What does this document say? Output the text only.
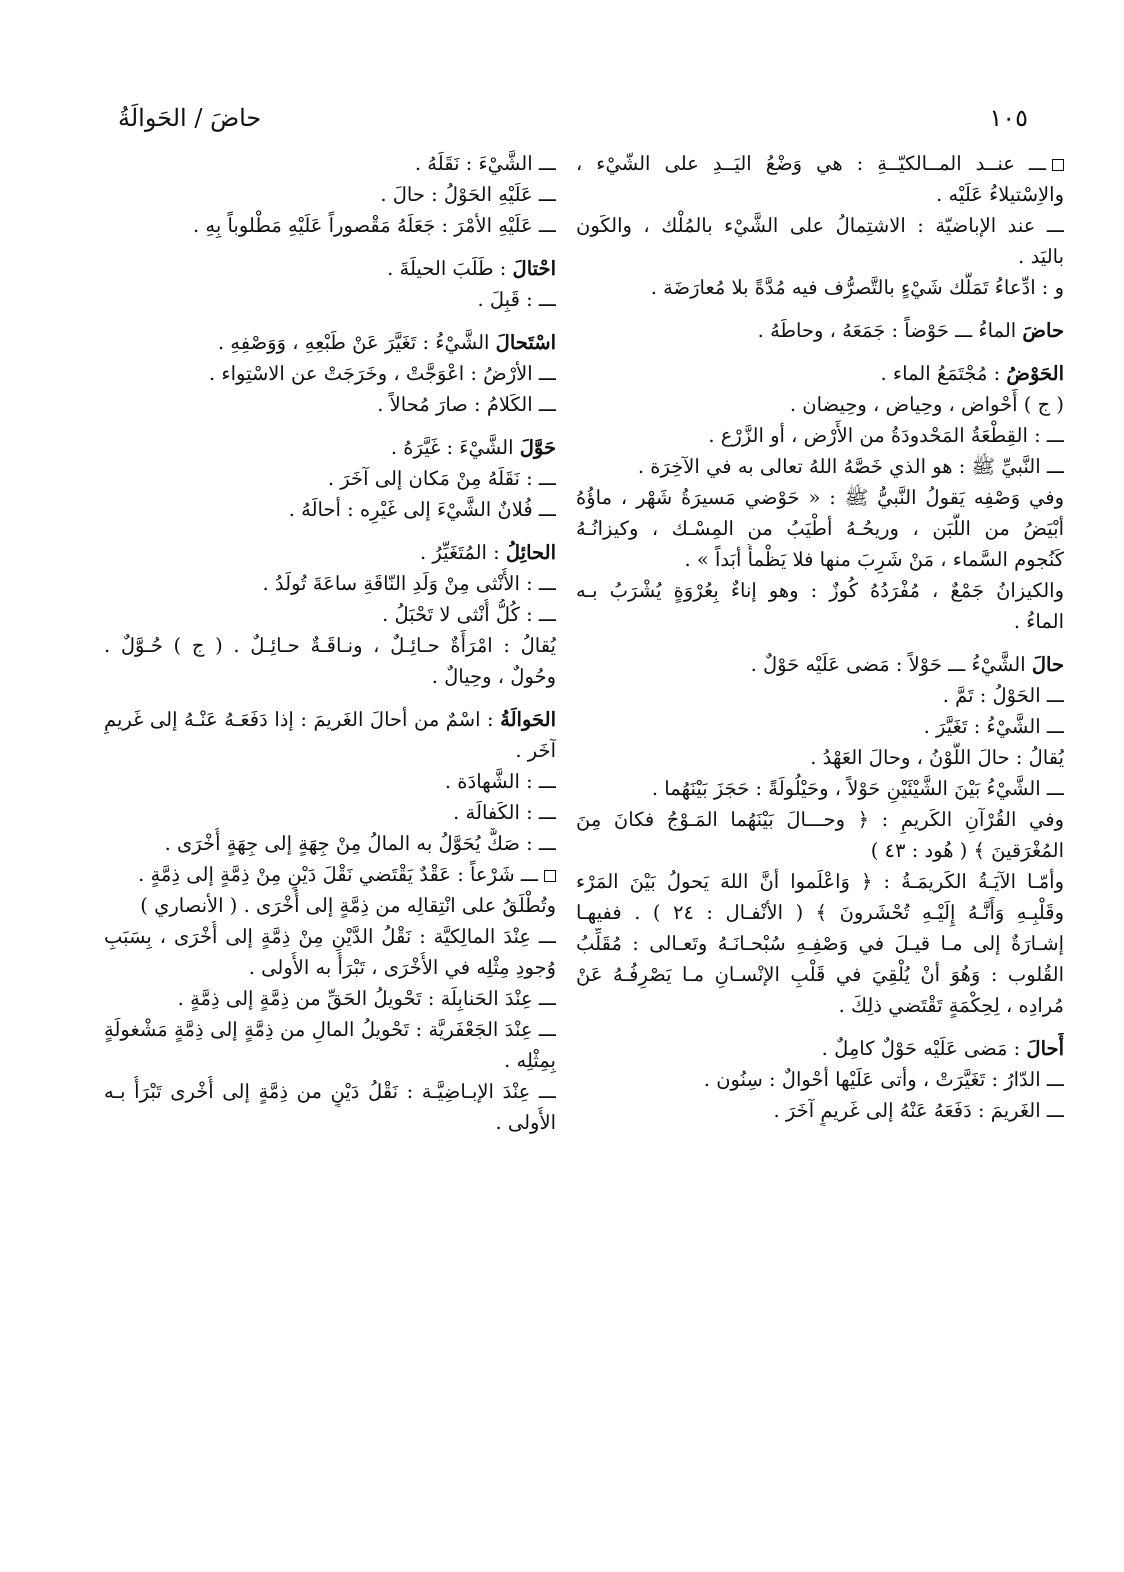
١٠٥
حاضَ / الحَوالَةُ
ـــ عنــد المــالكيّــةِ : هي وَضْعُ اليَــدِ على الشّيْء ،
والاِسْتيلاءُ عَلَيْه .
ـــ عند الإباضيّة : الاشتِمالُ على الشَّيْء بالمُلْك ، والكَون
باليَد .
و : ادِّعاءُ تَمَلُّك شَيْءٍ بالتَّصرُّف فيه مُدَّةً بلا مُعارَضَة .
حاضَ الماءُ ـــ حَوْضاً : جَمَعَهُ ، وحاطَهُ .
الحَوْضُ : مُجْتَمَعُ الماء .
( ج ) أَحْواض ، وحِياض ، وحِيضان .
ـــ : القِطْعَةُ المَحْدودَةُ من الأَرْض ، أو الزَّرْع .
ـــ النَّبيِّ ﷺ : هو الذي خَصَّهُ اللهُ تعالى به في الآخِرَة .
وفي وَصْفِه يَقولُ النَّبيُّ ﷺ : « حَوْضي مَسيرَةُ شَهْر ، ماؤُهُ
أبْيَضُ من اللَّبَن ، وريحُـهُ أطْيَبُ من المِسْـك ، وكيزانُـهُ
كَنُجوم السَّماء ، مَنْ شَرِبَ منها فلا يَظْمأُ أبَداً » .
والكيزانُ جَمْعٌ ، مُفْرَدُهُ كُوزٌ : وهو إناءٌ بِعُرْوَةٍ يُشْرَبُ بـه
الماءُ .
حالَ الشَّيْءُ ـــ حَوْلاً : مَضى عَلَيْه حَوْلٌ .
ـــ الحَوْلُ : تَمَّ .
ـــ الشَّيْءُ : تَغَيَّرَ .
يُقالُ : حالَ اللَّوْنُ ، وحالَ العَهْدُ .
ـــ الشَّيْءُ بَيْنَ الشَّيْئَيْنِ حَوْلاً ، وحَيْلُولَةً : حَجَزَ بَيْنَهُما .
وفي القُرْآنِ الكَريمِ : ﴿ وحـــالَ بَيْنَهُما المَـوْجُ فكانَ مِنَ
المُغْرَقينَ ﴾ ( هُود : ٤٣ )
وأمّـا الآيَـةُ الكَريمَـةُ : ﴿ وَاعْلَموا أنَّ اللهَ يَحولُ بَيْنَ المَرْء
وقَلْبِـهِ وَأَنَّـهُ إِلَيْـهِ تُحْشَرونَ ﴾ ( الأنْفـال : ٢٤ ) . ففيهـا
إشـارَةٌ إلى مـا قيـلَ في وَصْفِـهِ سُبْحـانَـهُ وتَعـالى : مُقَلِّبُ
القُلوب : وَهُوَ أنْ يُلْقِيَ في قَلْبِ الإنْسـانِ مـا يَصْرِفُـهُ عَنْ
مُرادِه ، لِحِكْمَةٍ تَقْتَضي ذلِكَ .
أَحالَ : مَضى عَلَيْه حَوْلٌ كامِلٌ .
ـــ الدّارُ : تَغَيَّرَتْ ، وأتى عَلَيْها أحْوالٌ : سِنُون .
ـــ الغَريمَ : دَفَعَهُ عَنْهُ إلى غَريمٍ آخَرَ .
ـــ الشَّيْءَ : نَقَلَهُ .
ـــ عَلَيْهِ الحَوْلُ : حالَ .
ـــ عَلَيْهِ الأمْرَ : جَعَلَهُ مَقْصوراً عَلَيْهِ مَطْلوباً بِهِ .
احْتالَ : طَلَبَ الحيلَةَ .
ـــ : قَبِلَ .
اسْتَحالَ الشَّيْءُ : تَغَيَّرَ عَنْ طَبْعِهِ ، وَوَصْفِهِ .
ـــ الأرْضُ : اعْوَجَّتْ ، وخَرَجَتْ عن الاسْتِواء .
ـــ الكَلامُ : صارَ مُحالاً .
حَوَّلَ الشَّيْءَ : غَيَّرَهُ .
ـــ : نَقَلَهُ مِنْ مَكان إلى آخَرَ .
ـــ فُلانٌ الشَّيْءَ إلى غَيْرِه : أحالَهُ .
الحائِلُ : المُتَغَيِّرُ .
ـــ : الأُنْثى مِنْ وَلَدِ النّاقَةِ ساعَةَ تُولَدُ .
ـــ : كُلُّ أُنْثى لا تَحْبَلُ .
يُقالُ : امْرَأَةٌ حـائِـلٌ ، ونـاقَـةٌ حـائِـلٌ . ( ج ) حُـوَّلٌ .
وحُولٌ ، وحِيالٌ .
الحَوالَةُ : اسْمٌ من أحالَ الغَريمَ : إذا دَفَعَـهُ عَنْـهُ إلى غَريمِ
آخَر .
ـــ : الشَّهادَة .
ـــ : الكَفالَة .
ـــ : صَكٌّ يُحَوَّلُ به المالُ مِنْ جِهَةٍ إلى جِهَةٍ أُخْرَى .
ـــ شَرْعاً : عَقْدٌ يَقْتَضي نَقْلَ دَيْنٍ مِنْ ذِمَّةٍ إلى ذِمَّةٍ .
وتُطْلَقُ على انْتِقالِه من ذِمَّةٍ إلى أُخْرَى . ( الأنصاري )
ـــ عِنْدَ المالِكيَّة : نَقْلُ الدَّيْنِ مِنْ ذِمَّةٍ إلى أُخْرَى ، بِسَبَبِ
وُجودِ مِثْلِه في الأُخْرَى ، تَبْرَأُ به الأُولى .
ـــ عِنْدَ الحَنابِلَة : تَحْويلُ الحَقِّ من ذِمَّةٍ إلى ذِمَّةٍ .
ـــ عِنْدَ الجَعْفَريَّة : تَحْويلُ المالِ من ذِمَّةٍ إلى ذِمَّةٍ مَشْغولَةٍ
بِمِثْلِه .
ـــ عِنْدَ الإبـاضِيَّـة : نَقْلُ دَيْنٍ من ذِمَّةٍ إلى أُخْرى تَبْرَأُ بـه
الأُولى .
